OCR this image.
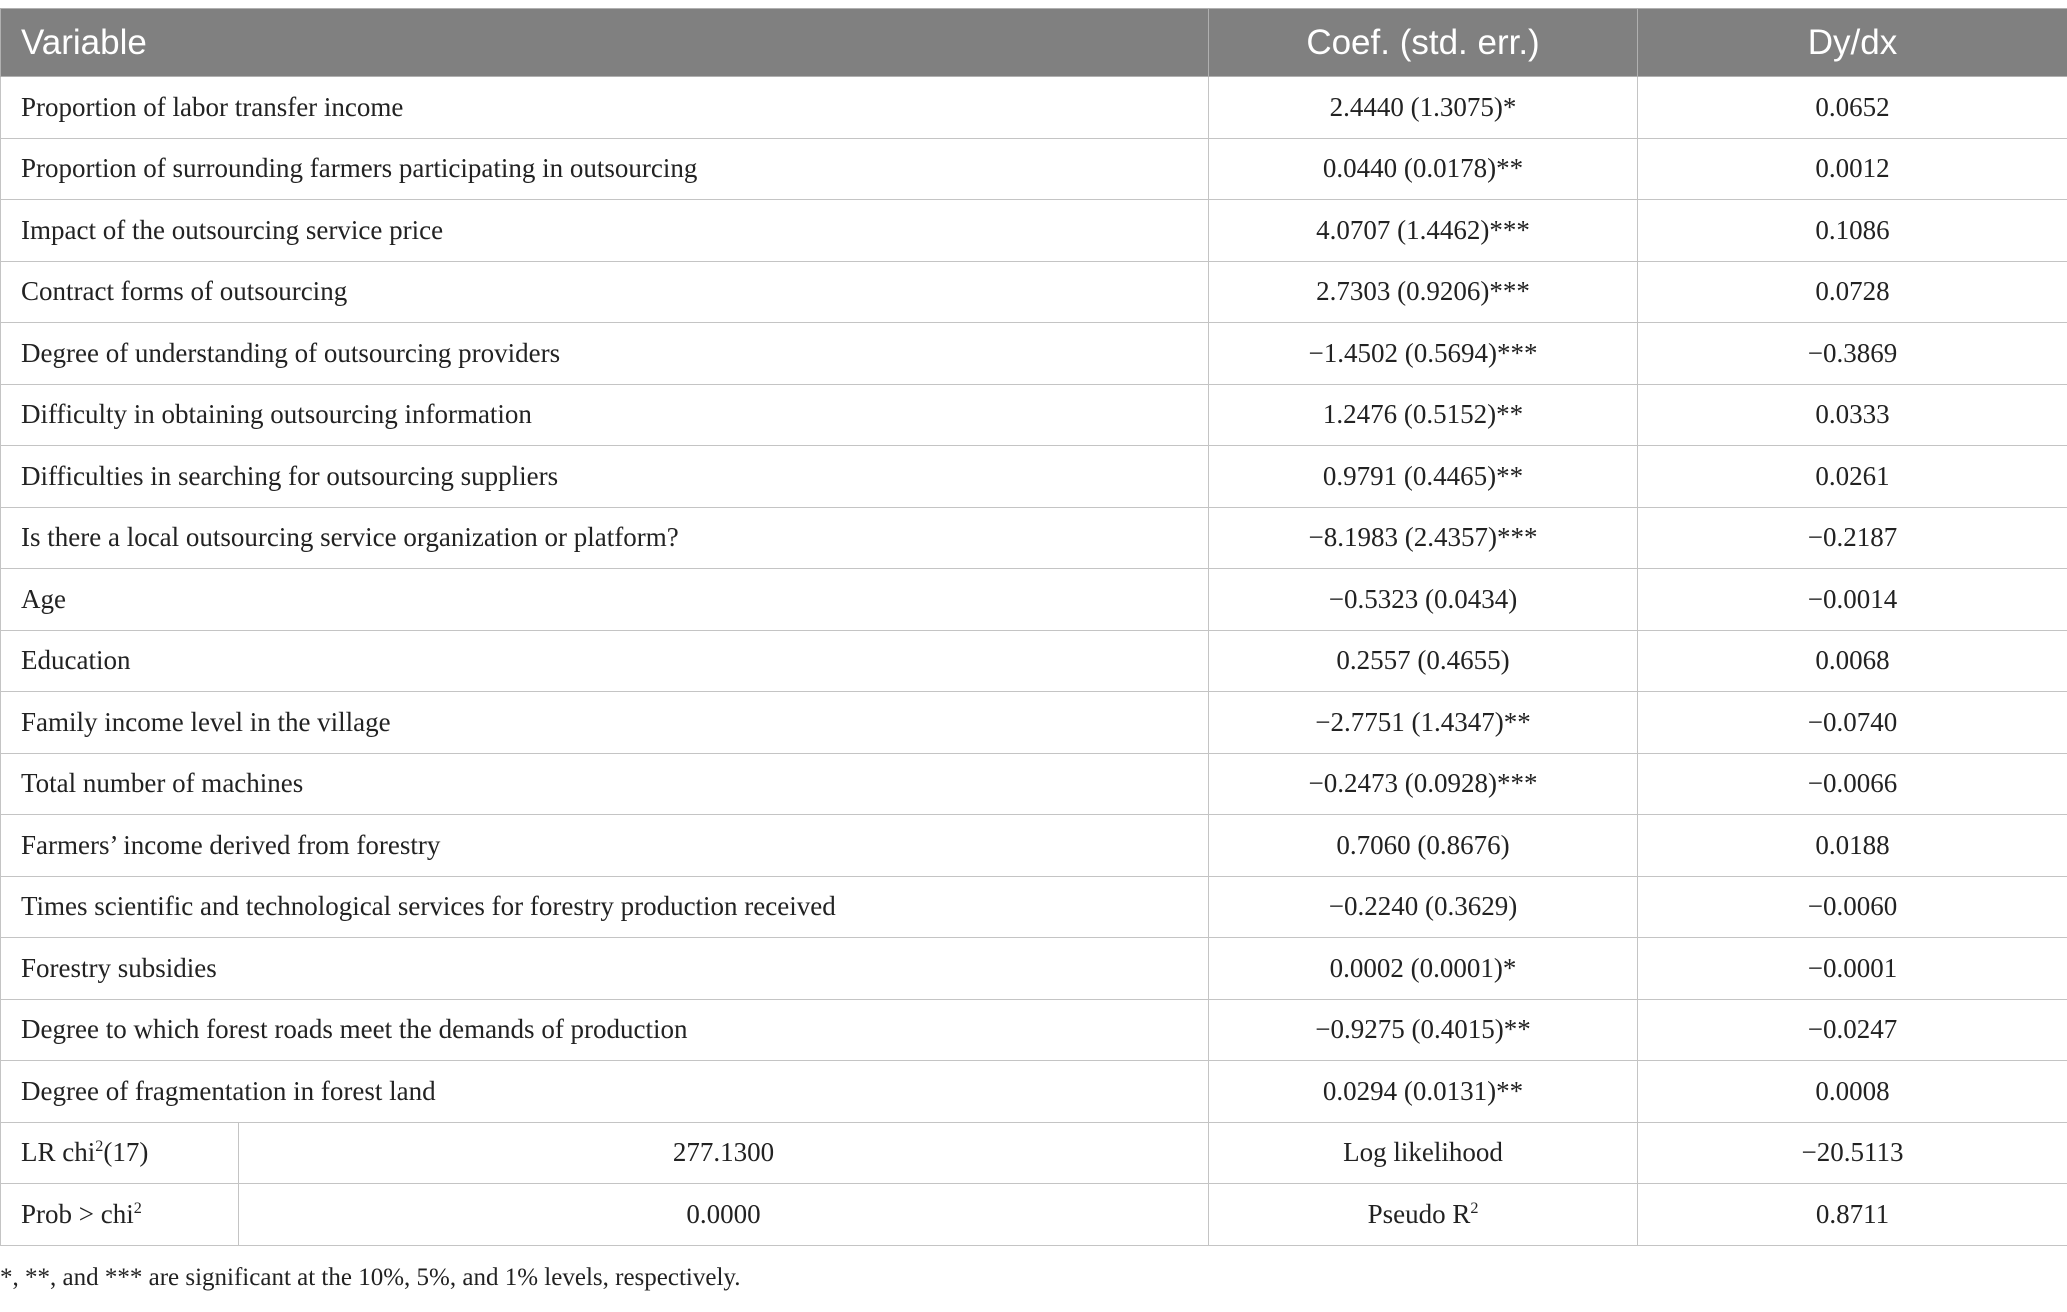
Variable		Coef. (std. err.)	Dy/dx
Proportion of labor transfer income		2.4440 (1.3075)*	0.0652
Proportion of surrounding farmers participating in outsourcing		0.0440 (0.0178)**	0.0012
Impact of the outsourcing service price		4.0707 (1.4462)***	0.1086
Contract forms of outsourcing		2.7303 (0.9206)***	0.0728
Degree of understanding of outsourcing providers		−1.4502 (0.5694)***	−0.3869
Difficulty in obtaining outsourcing information		1.2476 (0.5152)**	0.0333
Difficulties in searching for outsourcing suppliers		0.9791 (0.4465)**	0.0261
Is there a local outsourcing service organization or platform?		−8.1983 (2.4357)***	−0.2187
Age		−0.5323 (0.0434)	−0.0014
Education		0.2557 (0.4655)	0.0068
Family income level in the village		−2.7751 (1.4347)**	−0.0740
Total number of machines		−0.2473 (0.0928)***	−0.0066
Farmers’ income derived from forestry		0.7060 (0.8676)	0.0188
Times scientific and technological services for forestry production received		−0.2240 (0.3629)	−0.0060
Forestry subsidies		0.0002 (0.0001)*	−0.0001
Degree to which forest roads meet the demands of production		−0.9275 (0.4015)**	−0.0247
Degree of fragmentation in forest land		0.0294 (0.0131)**	0.0008
LR chi$^2$(17)	277.1300	Log likelihood	−20.5113
Prob > chi$^2$	0.0000	Pseudo $R^2$	0.8711
*, **, and *** are significant at the 10%, 5%, and 1% levels, respectively.
